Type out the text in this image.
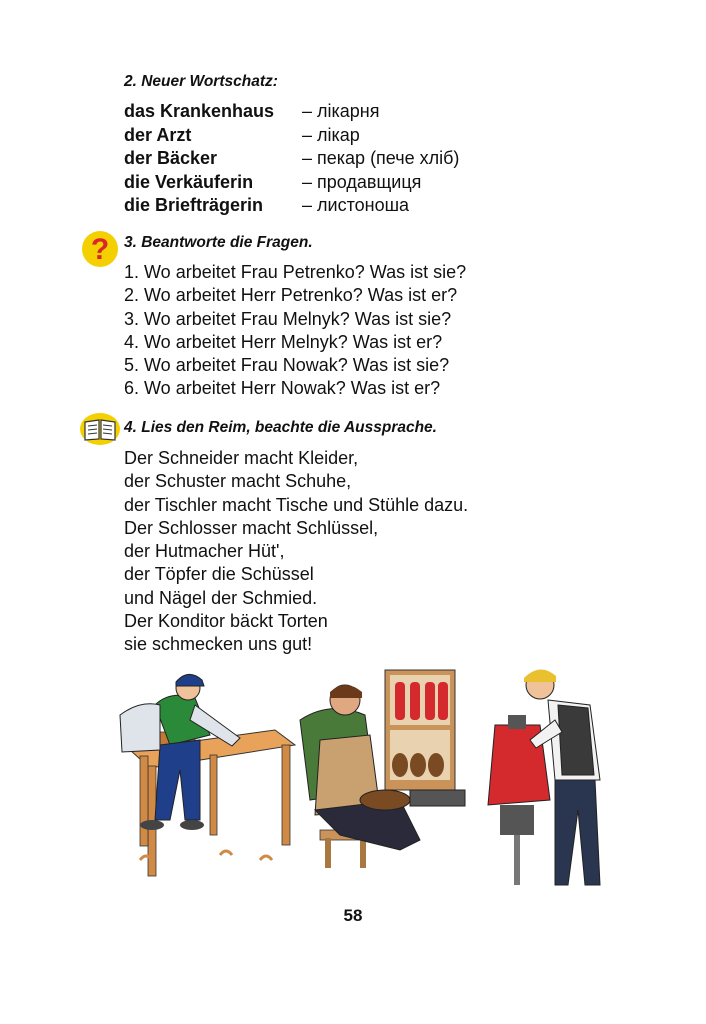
2. Neuer Wortschatz:
das Krankenhaus – лікарня
der Arzt	– лікар
der Bäcker	– пекар (пече хліб)
die Verkäuferin	– продавщиця
die Briefträgerin – листоноша
? 3. Beantworte die Fragen.
1. Wo arbeitet Frau Petrenko? Was ist sie?
2. Wo arbeitet Herr Petrenko? Was ist er?
3. Wo arbeitet Frau Melnyk? Was ist sie?
4. Wo arbeitet Herr Melnyk? Was ist er?
5. Wo arbeitet Frau Nowak? Was ist sie?
6. Wo arbeitet Herr Nowak? Was ist er?
4. Lies den Reim, beachte die Aussprache.
Der Schneider macht Kleider,
der Schuster macht Schuhe,
der Tischler macht Tische und Stühle dazu.
Der Schlosser macht Schlüssel,
der Hutmacher Hüt',
der Töpfer die Schüssel
und Nägel der Schmied.
Der Konditor bäckt Torten
sie schmecken uns gut!
58
